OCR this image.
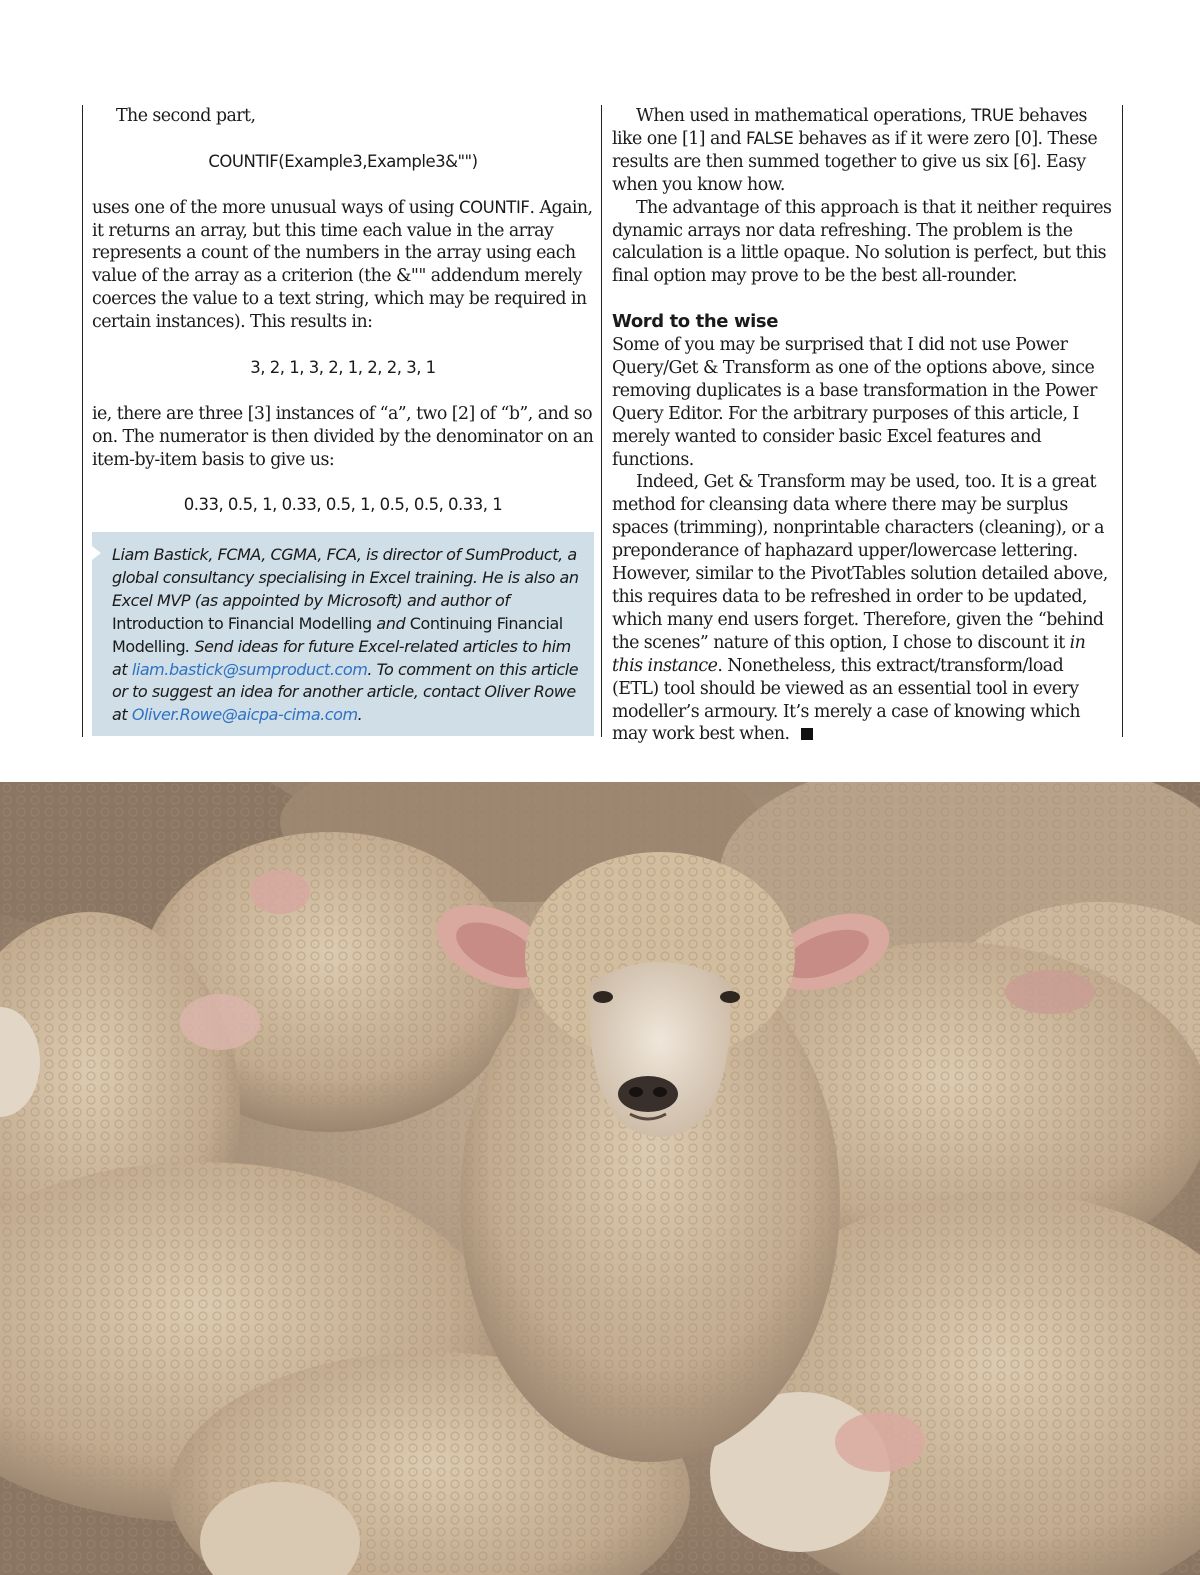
The second part,

COUNTIF(Example3,Example3&"")

uses one of the more unusual ways of using COUNTIF. Again, it returns an array, but this time each value in the array represents a count of the numbers in the array using each value of the array as a criterion (the &"" addendum merely coerces the value to a text string, which may be required in certain instances). This results in:

3, 2, 1, 3, 2, 1, 2, 2, 3, 1

ie, there are three [3] instances of “a”, two [2] of “b”, and so on. The numerator is then divided by the denominator on an item-by-item basis to give us:

0.33, 0.5, 1, 0.33, 0.5, 1, 0.5, 0.5, 0.33, 1

Liam Bastick, FCMA, CGMA, FCA, is director of SumProduct, a global consultancy specialising in Excel training. He is also an Excel MVP (as appointed by Microsoft) and author of Introduction to Financial Modelling and Continuing Financial Modelling. Send ideas for future Excel-related articles to him at liam.bastick@sumproduct.com. To comment on this article or to suggest an idea for another article, contact Oliver Rowe at Oliver.Rowe@aicpa-cima.com.

When used in mathematical operations, TRUE behaves like one [1] and FALSE behaves as if it were zero [0]. These results are then summed together to give us six [6]. Easy when you know how.

The advantage of this approach is that it neither requires dynamic arrays nor data refreshing. The problem is the calculation is a little opaque. No solution is perfect, but this final option may prove to be the best all-rounder.

Word to the wise

Some of you may be surprised that I did not use Power Query/Get & Transform as one of the options above, since removing duplicates is a base transformation in the Power Query Editor. For the arbitrary purposes of this article, I merely wanted to consider basic Excel features and functions.

Indeed, Get & Transform may be used, too. It is a great method for cleansing data where there may be surplus spaces (trimming), nonprintable characters (cleaning), or a preponderance of haphazard upper/lowercase lettering. However, similar to the PivotTables solution detailed above, this requires data to be refreshed in order to be updated, which many end users forget. Therefore, given the “behind the scenes” nature of this option, I chose to discount it in this instance. Nonetheless, this extract/transform/load (ETL) tool should be viewed as an essential tool in every modeller’s armoury. It’s merely a case of knowing which may work best when.
